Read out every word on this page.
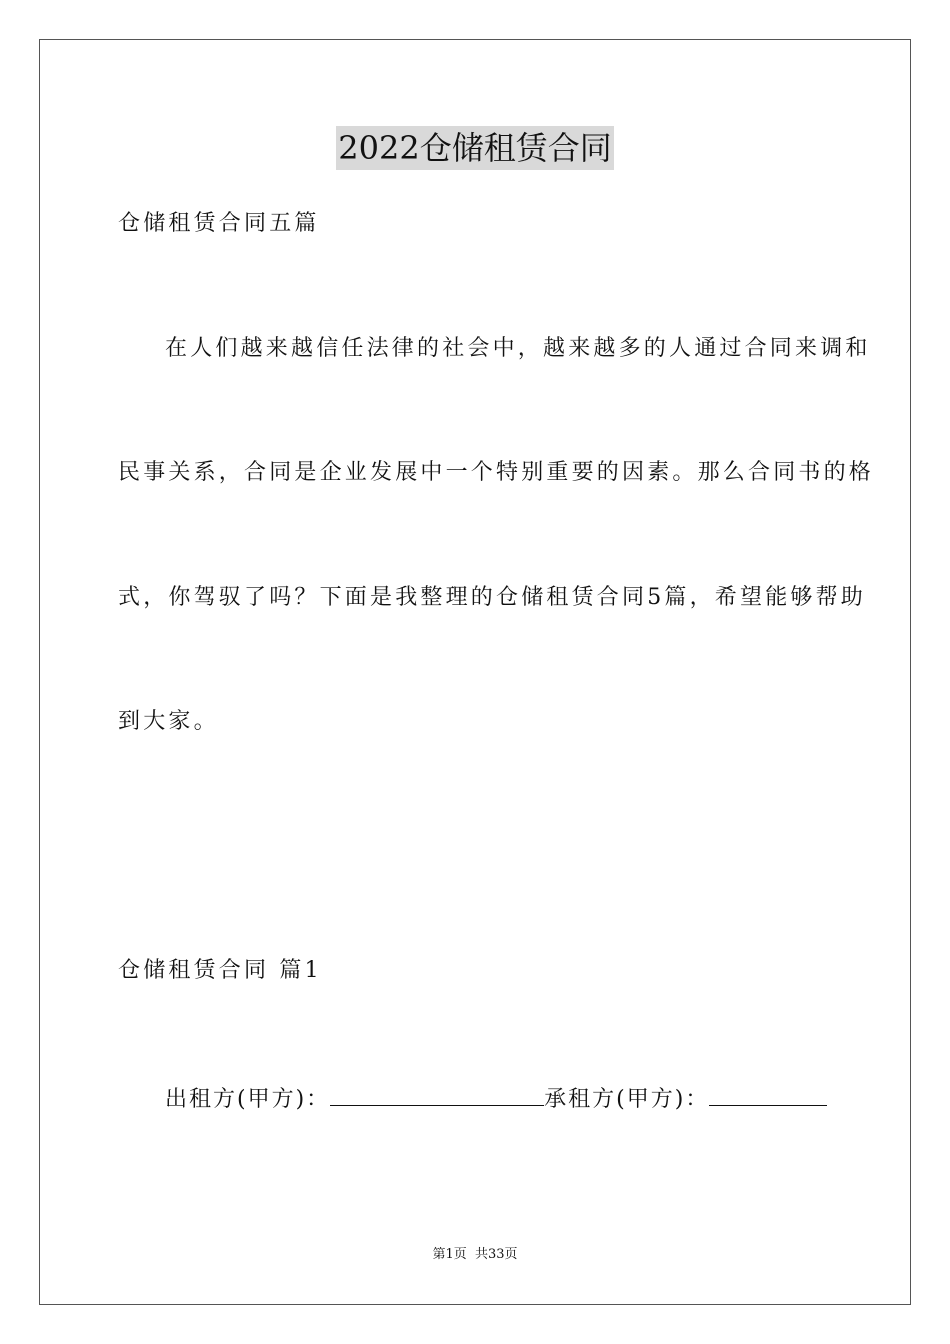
2022仓储租赁合同
仓储租赁合同五篇
在人们越来越信任法律的社会中，越来越多的人通过合同来调和
民事关系，合同是企业发展中一个特别重要的因素。那么合同书的格
式，你驾驭了吗？下面是我整理的仓储租赁合同5篇，希望能够帮助
到大家。
仓储租赁合同 篇1
出租方(甲方)：	承租方(甲方)：
第1页 共33页
